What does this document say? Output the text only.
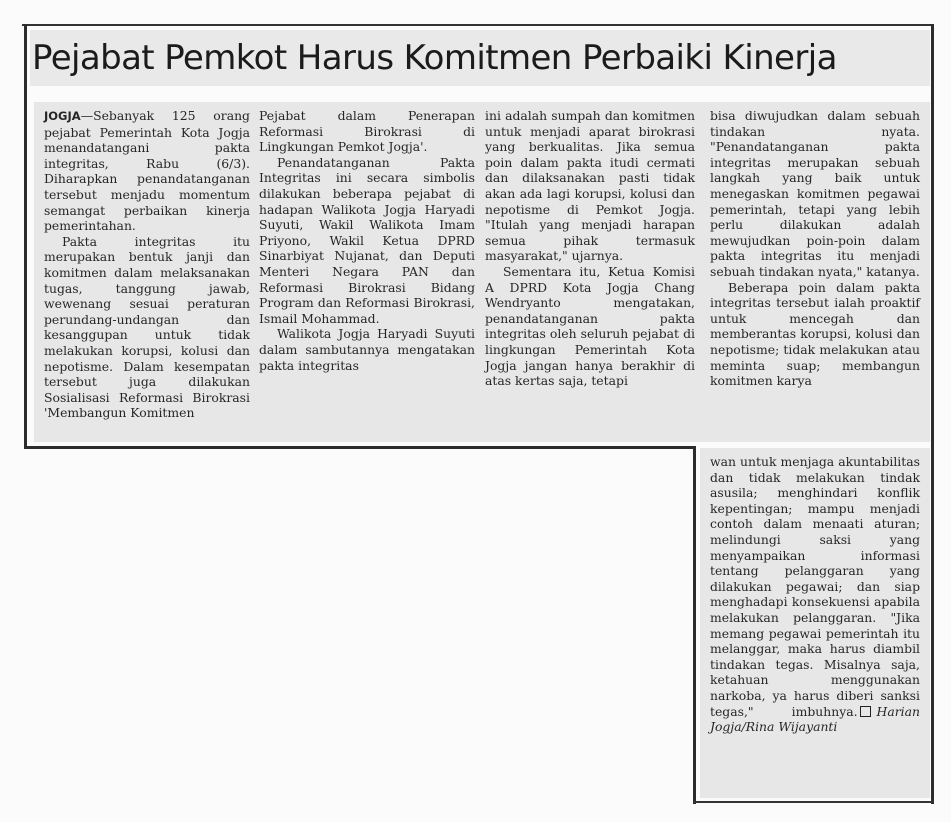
Pejabat Pemkot Harus Komitmen Perbaiki Kinerja

JOGJA—Sebanyak 125 orang pejabat Pemerintah Kota Jogja menandatangani pakta integritas, Rabu (6/3). Diharapkan penandatanganan tersebut menjadu momentum semangat perbaikan kinerja pemerintahan.

Pakta integritas itu merupakan bentuk janji dan komitmen dalam melaksanakan tugas, tanggung jawab, wewenang sesuai peraturan perundang-undangan dan kesanggupan untuk tidak melakukan korupsi, kolusi dan nepotisme. Dalam kesempatan tersebut juga dilakukan Sosialisasi Reformasi Birokrasi 'Membangun Komitmen

Pejabat dalam Penerapan Reformasi Birokrasi di Lingkungan Pemkot Jogja'.

Penandatanganan Pakta Integritas ini secara simbolis dilakukan beberapa pejabat di hadapan Walikota Jogja Haryadi Suyuti, Wakil Walikota Imam Priyono, Wakil Ketua DPRD Sinarbiyat Nujanat, dan Deputi Menteri Negara PAN dan Reformasi Birokrasi Bidang Program dan Reformasi Birokrasi, Ismail Mohammad.

Walikota Jogja Haryadi Suyuti dalam sambutannya mengatakan pakta integritas

ini adalah sumpah dan komitmen untuk menjadi aparat birokrasi yang berkualitas. Jika semua poin dalam pakta itudi cermati dan dilaksanakan pasti tidak akan ada lagi korupsi, kolusi dan nepotisme di Pemkot Jogja. "Itulah yang menjadi harapan semua pihak termasuk masyarakat," ujarnya.

Sementara itu, Ketua Komisi A DPRD Kota Jogja Chang Wendryanto mengatakan, penandatanganan pakta integritas oleh seluruh pejabat di lingkungan Pemerintah Kota Jogja jangan hanya berakhir di atas kertas saja, tetapi

bisa diwujudkan dalam sebuah tindakan nyata. "Penandatanganan pakta integritas merupakan sebuah langkah yang baik untuk menegaskan komitmen pegawai pemerintah, tetapi yang lebih perlu dilakukan adalah mewujudkan poin-poin dalam pakta integritas itu menjadi sebuah tindakan nyata," katanya.

Beberapa poin dalam pakta integritas tersebut ialah proaktif untuk mencegah dan memberantas korupsi, kolusi dan nepotisme; tidak melakukan atau meminta suap; membangun komitmen karya

wan untuk menjaga akuntabilitas dan tidak melakukan tindak asusila; menghindari konflik kepentingan; mampu menjadi contoh dalam menaati aturan; melindungi saksi yang menyampaikan informasi tentang pelanggaran yang dilakukan pegawai; dan siap menghadapi konsekuensi apabila melakukan pelanggaran. "Jika memang pegawai pemerintah itu melanggar, maka harus diambil tindakan tegas. Misalnya saja, ketahuan menggunakan narkoba, ya harus diberi sanksi tegas," imbuhnya. Harian Jogja/Rina Wijayanti
